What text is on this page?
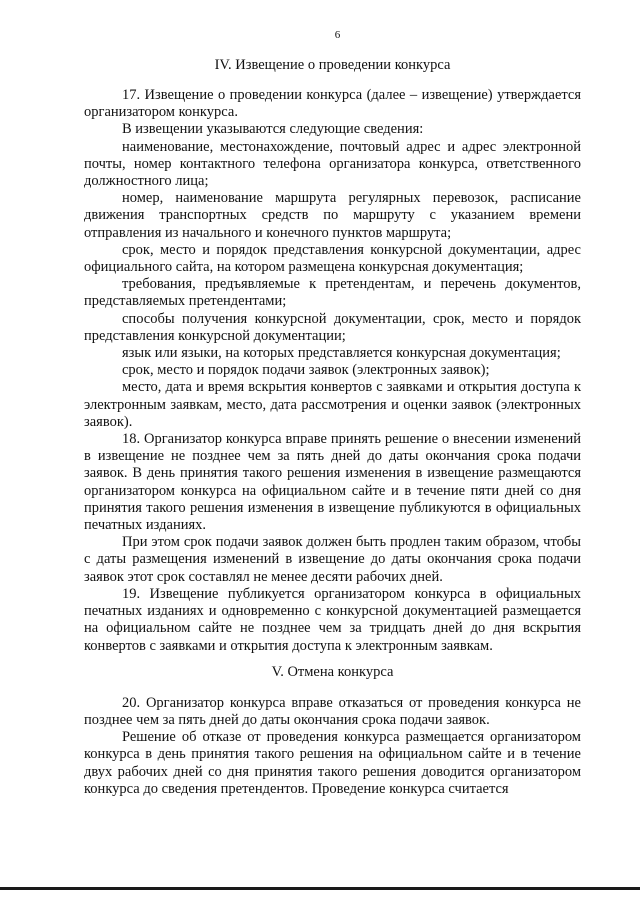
6
IV. Извещение о проведении конкурса

17. Извещение о проведении конкурса (далее – извещение) утверждается организатором конкурса.

В извещении указываются следующие сведения:

наименование, местонахождение, почтовый адрес и адрес электронной почты, номер контактного телефона организатора конкурса, ответственного должностного лица;

номер, наименование маршрута регулярных перевозок, расписание движения транспортных средств по маршруту с указанием времени отправления из начального и конечного пунктов маршрута;

срок, место и порядок представления конкурсной документации, адрес официального сайта, на котором размещена конкурсная документация;

требования, предъявляемые к претендентам, и перечень документов, представляемых претендентами;

способы получения конкурсной документации, срок, место и порядок представления конкурсной документации;

язык или языки, на которых представляется конкурсная документация;

срок, место и порядок подачи заявок (электронных заявок);

место, дата и время вскрытия конвертов с заявками и открытия доступа к электронным заявкам, место, дата рассмотрения и оценки заявок (электронных заявок).

18. Организатор конкурса вправе принять решение о внесении изменений в извещение не позднее чем за пять дней до даты окончания срока подачи заявок. В день принятия такого решения изменения в извещение размещаются организатором конкурса на официальном сайте и в течение пяти дней со дня принятия такого решения изменения в извещение публикуются в официальных печатных изданиях.

При этом срок подачи заявок должен быть продлен таким образом, чтобы с даты размещения изменений в извещение до даты окончания срока подачи заявок этот срок составлял не менее десяти рабочих дней.

19. Извещение публикуется организатором конкурса в официальных печатных изданиях и одновременно с конкурсной документацией размещается на официальном сайте не позднее чем за тридцать дней до дня вскрытия конвертов с заявками и открытия доступа к электронным заявкам.

V. Отмена конкурса

20. Организатор конкурса вправе отказаться от проведения конкурса не позднее чем за пять дней до даты окончания срока подачи заявок.

Решение об отказе от проведения конкурса размещается организатором конкурса в день принятия такого решения на официальном сайте и в течение двух рабочих дней со дня принятия такого решения доводится организатором конкурса до сведения претендентов. Проведение конкурса считается
